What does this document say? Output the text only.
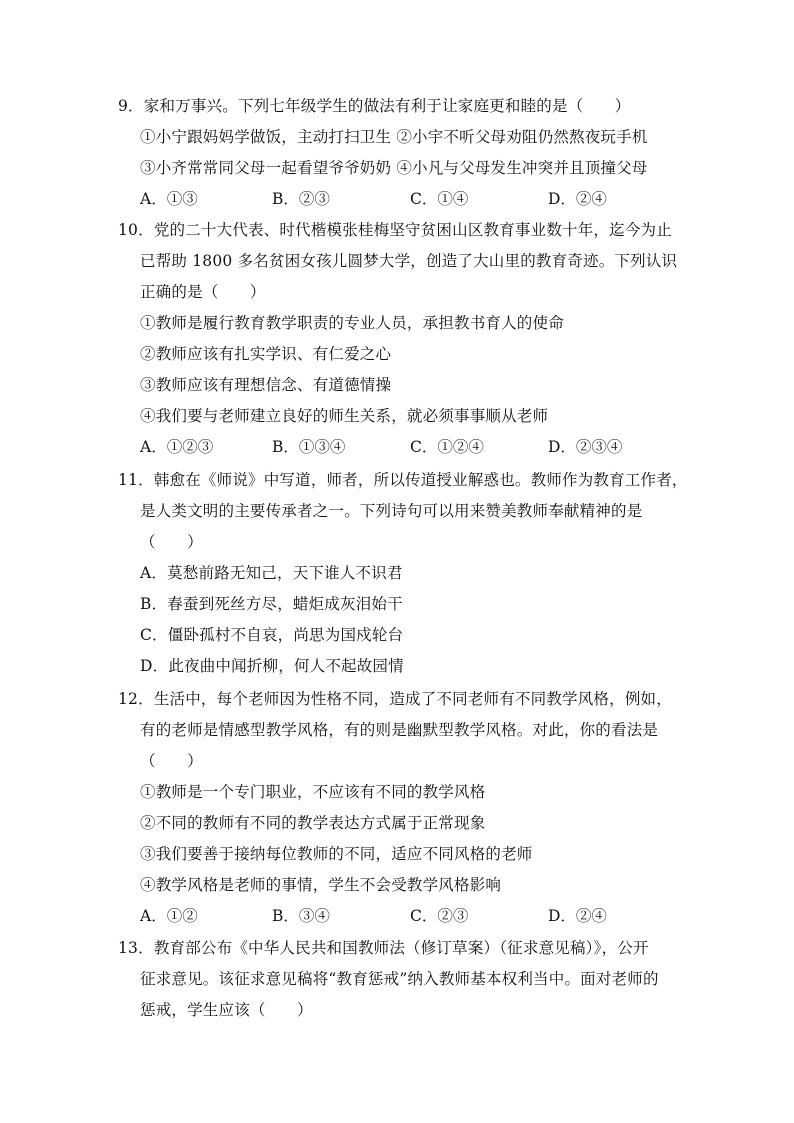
9．家和万事兴。下列七年级学生的做法有利于让家庭更和睦的是（　　）
①小宁跟妈妈学做饭，主动打扫卫生 ②小宇不听父母劝阻仍然熬夜玩手机
③小齐常常同父母一起看望爷爷奶奶 ④小凡与父母发生冲突并且顶撞父母
A．①③	B．②③	C．①④	D．②④
10．党的二十大代表、时代楷模张桂梅坚守贫困山区教育事业数十年，迄今为止
已帮助 1800 多名贫困女孩儿圆梦大学，创造了大山里的教育奇迹。下列认识
正确的是（　　）
①教师是履行教育教学职责的专业人员，承担教书育人的使命
②教师应该有扎实学识、有仁爱之心
③教师应该有理想信念、有道德情操
④我们要与老师建立良好的师生关系，就必须事事顺从老师
A．①②③	B．①③④	C．①②④	D．②③④
11．韩愈在《师说》中写道，师者，所以传道授业解惑也。教师作为教育工作者，
是人类文明的主要传承者之一。下列诗句可以用来赞美教师奉献精神的是
（　　）
A．莫愁前路无知己，天下谁人不识君
B．春蚕到死丝方尽，蜡炬成灰泪始干
C．僵卧孤村不自哀，尚思为国戍轮台
D．此夜曲中闻折柳，何人不起故园情
12．生活中，每个老师因为性格不同，造成了不同老师有不同教学风格，例如，
有的老师是情感型教学风格，有的则是幽默型教学风格。对此，你的看法是
（　　）
①教师是一个专门职业，不应该有不同的教学风格
②不同的教师有不同的教学表达方式属于正常现象
③我们要善于接纳每位教师的不同，适应不同风格的老师
④教学风格是老师的事情，学生不会受教学风格影响
A．①②	B．③④	C．②③	D．②④
13．教育部公布《中华人民共和国教师法（修订草案）（征求意见稿）》，公开
征求意见。该征求意见稿将“教育惩戒”纳入教师基本权利当中。面对老师的
惩戒，学生应该（　　）
